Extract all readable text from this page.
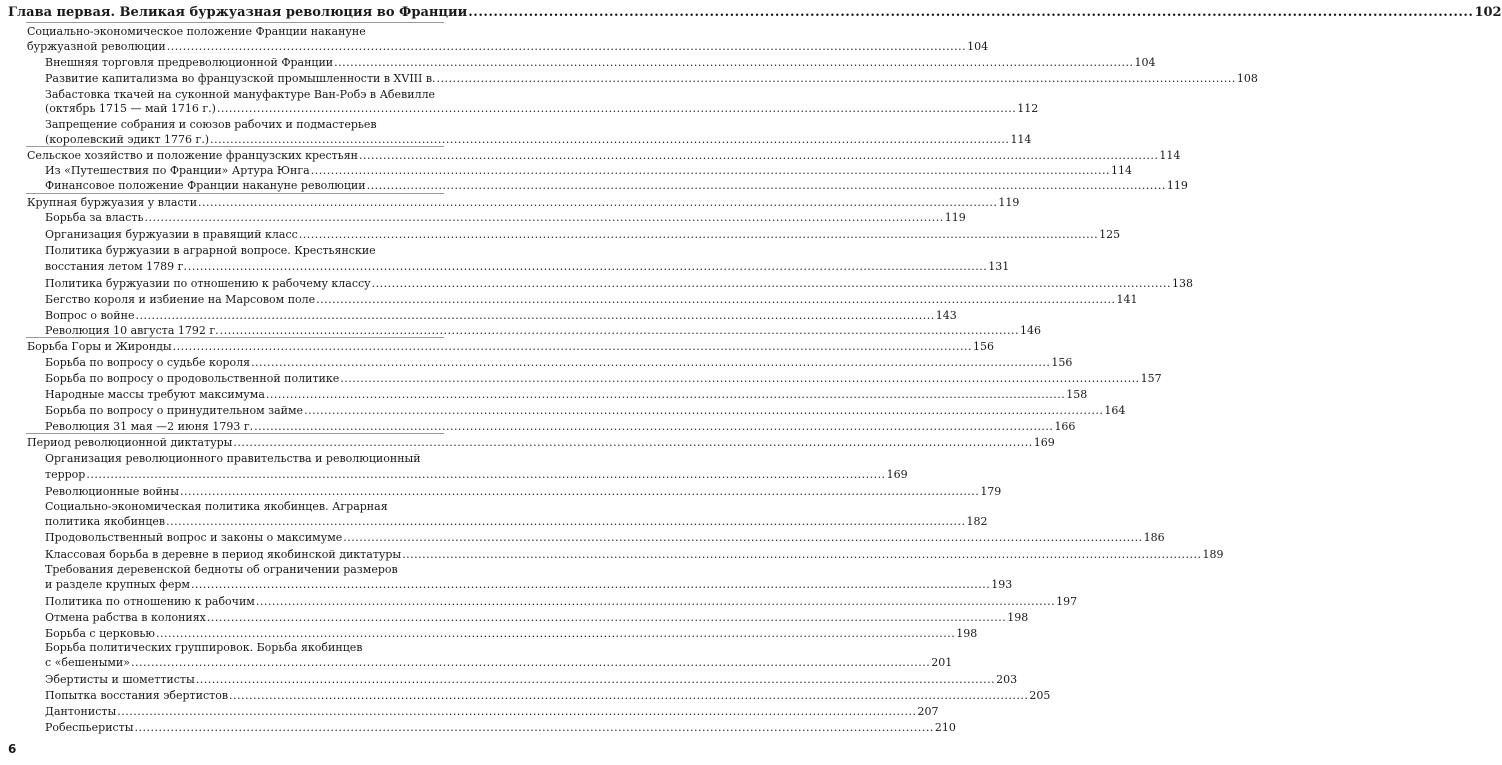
Глава первая. Великая буржуазная революция во Франции .....	102
Социально-экономическое положение Франции накануне
буржуазной революции .....	104
Внешняя торговля предреволюционной Франции .....	104
Развитие капитализма во французской промышленности в XVIII в. .....	108
Забастовка ткачей на суконной мануфактуре Ван-Робэ в Абевилле
(октябрь 1715 — май 1716 г.) .....	112
Запрещение собрания и союзов рабочих и подмастерьев
(королевский эдикт 1776 г.) .....	114
Сельское хозяйство и положение французских крестьян .....	114
Из «Путешествия по Франции» Артура Юнга .....	114
Финансовое положение Франции накануне революции .....	119
Крупная буржуазия у власти .....	119
Борьба за власть .....	119
Организация буржуазии в правящий класс .....	125
Политика буржуазии в аграрной вопросе. Крестьянские
восстания летом 1789 г. .....	131
Политика буржуазии по отношению к рабочему классу .....	138
Бегство короля и избиение на Марсовом поле .....	141
Вопрос о войне .....	143
Революция 10 августа 1792 г. .....	146
Борьба Горы и Жиронды .....	156
Борьба по вопросу о судьбе короля .....	156
Борьба по вопросу о продовольственной политике .....	157
Народные массы требуют максимума .....	158
Борьба по вопросу о принудительном займе .....	164
Революция 31 мая —2 июня 1793 г. .....	166
Период революционной диктатуры .....	169
Организация революционного правительства и революционный
террор .....	169
Революционные войны .....	179
Социально-экономическая политика якобинцев. Аграрная
политика якобинцев .....	182
Продовольственный вопрос и законы о максимуме .....	186
Классовая борьба в деревне в период якобинской диктатуры .....	189
Требования деревенской бедноты об ограничении размеров
и разделе крупных ферм .....	193
Политика по отношению к рабочим .....	197
Отмена рабства в колониях .....	198
Борьба с церковью .....	198
Борьба политических группировок. Борьба якобинцев
с «бешеными» .....	201
Эбертисты и шометтисты .....	203
Попытка восстания эбертистов .....	205
Дантонисты .....	207
Робеспьеристы .....	210
6
